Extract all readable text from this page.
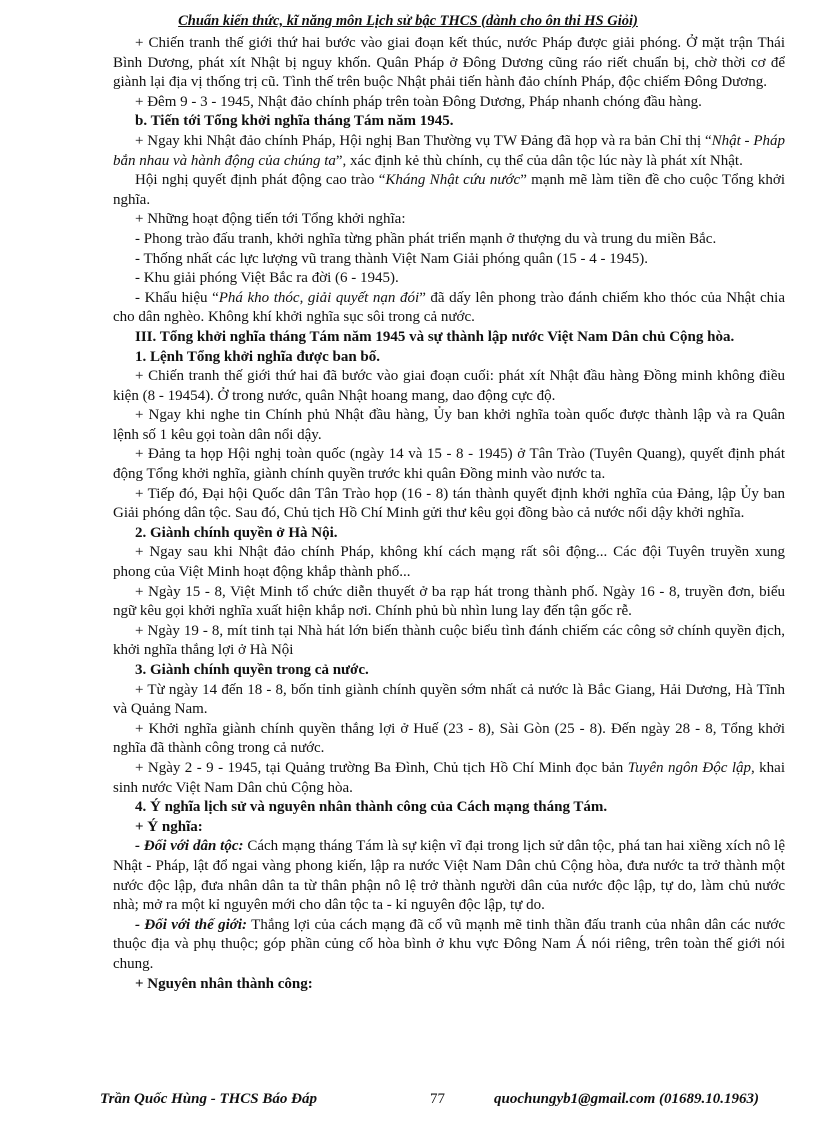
Chuẩn kiến thức, kĩ năng môn Lịch sử bậc THCS (dành cho ôn thi HS Giỏi)

+ Chiến tranh thế giới thứ hai bước vào giai đoạn kết thúc, nước Pháp được giải phóng. Ở mặt trận Thái Bình Dương, phát xít Nhật bị nguy khốn. Quân Pháp ở Đông Dương cũng ráo riết chuẩn bị, chờ thời cơ để giành lại địa vị thống trị cũ. Tình thế trên buộc Nhật phải tiến hành đảo chính Pháp, độc chiếm Đông Dương.

+ Đêm 9 - 3 - 1945, Nhật đảo chính pháp trên toàn Đông Dương, Pháp nhanh chóng đầu hàng.

b. Tiến tới Tổng khởi nghĩa tháng Tám năm 1945.

+ Ngay khi Nhật đảo chính Pháp, Hội nghị Ban Thường vụ TW Đảng đã họp và ra bản Chỉ thị “Nhật - Pháp bắn nhau và hành động của chúng ta”, xác định kẻ thù chính, cụ thể của dân tộc lúc này là phát xít Nhật.

Hội nghị quyết định phát động cao trào “Kháng Nhật cứu nước” mạnh mẽ làm tiền đề cho cuộc Tổng khởi nghĩa.

+ Những hoạt động tiến tới Tổng khởi nghĩa:

- Phong trào đấu tranh, khởi nghĩa từng phần phát triển mạnh ở thượng du và trung du miền Bắc.

- Thống nhất các lực lượng vũ trang thành Việt Nam Giải phóng quân (15 - 4 - 1945).

- Khu giải phóng Việt Bắc ra đời (6 - 1945).

- Khẩu hiệu “Phá kho thóc, giải quyết nạn đói” đã dấy lên phong trào đánh chiếm kho thóc của Nhật chia cho dân nghèo. Không khí khởi nghĩa sục sôi trong cả nước.

III. Tổng khởi nghĩa tháng Tám năm 1945 và sự thành lập nước Việt Nam Dân chủ Cộng hòa.

1. Lệnh Tổng khởi nghĩa được ban bố.

+ Chiến tranh thế giới thứ hai đã bước vào giai đoạn cuối: phát xít Nhật đầu hàng Đồng minh không điều kiện (8 - 19454). Ở trong nước, quân Nhật hoang mang, dao động cực độ.

+ Ngay khi nghe tin Chính phủ Nhật đầu hàng, Ủy ban khởi nghĩa toàn quốc được thành lập và ra Quân lệnh số 1 kêu gọi toàn dân nổi dậy.

+ Đảng ta họp Hội nghị toàn quốc (ngày 14 và 15 - 8 - 1945) ở Tân Trào (Tuyên Quang), quyết định phát động Tổng khởi nghĩa, giành chính quyền trước khi quân Đồng minh vào nước ta.

+ Tiếp đó, Đại hội Quốc dân Tân Trào họp (16 - 8) tán thành quyết định khởi nghĩa của Đảng, lập Ủy ban Giải phóng dân tộc. Sau đó, Chủ tịch Hồ Chí Minh gửi thư kêu gọi đồng bào cả nước nổi dậy khởi nghĩa.

2. Giành chính quyền ở Hà Nội.

+ Ngay sau khi Nhật đảo chính Pháp, không khí cách mạng rất sôi động... Các đội Tuyên truyền xung phong của Việt Minh hoạt động khắp thành phố...

+ Ngày 15 - 8, Việt Minh tổ chức diễn thuyết ở ba rạp hát trong thành phố. Ngày 16 - 8, truyền đơn, biểu ngữ kêu gọi khởi nghĩa xuất hiện khắp nơi. Chính phủ bù nhìn lung lay đến tận gốc rễ.

+ Ngày 19 - 8, mít tinh tại Nhà hát lớn biến thành cuộc biểu tình đánh chiếm các công sở chính quyền địch, khởi nghĩa thắng lợi ở Hà Nội

3. Giành chính quyền trong cả nước.

+ Từ ngày 14 đến 18 - 8, bốn tỉnh giành chính quyền sớm nhất cả nước là Bắc Giang, Hải Dương, Hà Tĩnh và Quảng Nam.

+ Khởi nghĩa giành chính quyền thắng lợi ở Huế (23 - 8), Sài Gòn (25 - 8). Đến ngày 28 - 8, Tổng khởi nghĩa đã thành công trong cả nước.

+ Ngày 2 - 9 - 1945, tại Quảng trường Ba Đình, Chủ tịch Hồ Chí Minh đọc bản Tuyên ngôn Độc lập, khai sinh nước Việt Nam Dân chủ Cộng hòa.

4. Ý nghĩa lịch sử và nguyên nhân thành công của Cách mạng tháng Tám.

+ Ý nghĩa:

- Đối với dân tộc: Cách mạng tháng Tám là sự kiện vĩ đại trong lịch sử dân tộc, phá tan hai xiềng xích nô lệ Nhật - Pháp, lật đổ ngai vàng phong kiến, lập ra nước Việt Nam Dân chủ Cộng hòa, đưa nước ta trở thành một nước độc lập, đưa nhân dân ta từ thân phận nô lệ trở thành người dân của nước độc lập, tự do, làm chủ nước nhà; mở ra một kỉ nguyên mới cho dân tộc ta - kỉ nguyên độc lập, tự do.

- Đối với thế giới: Thắng lợi của cách mạng đã cổ vũ mạnh mẽ tinh thần đấu tranh của nhân dân các nước thuộc địa và phụ thuộc; góp phần củng cố hòa bình ở khu vực Đông Nam Á nói riêng, trên toàn thế giới nói chung.

+ Nguyên nhân thành công:

Trần Quốc Hùng - THCS Báo Đáp	77	quochungyb1@gmail.com (01689.10.1963)
